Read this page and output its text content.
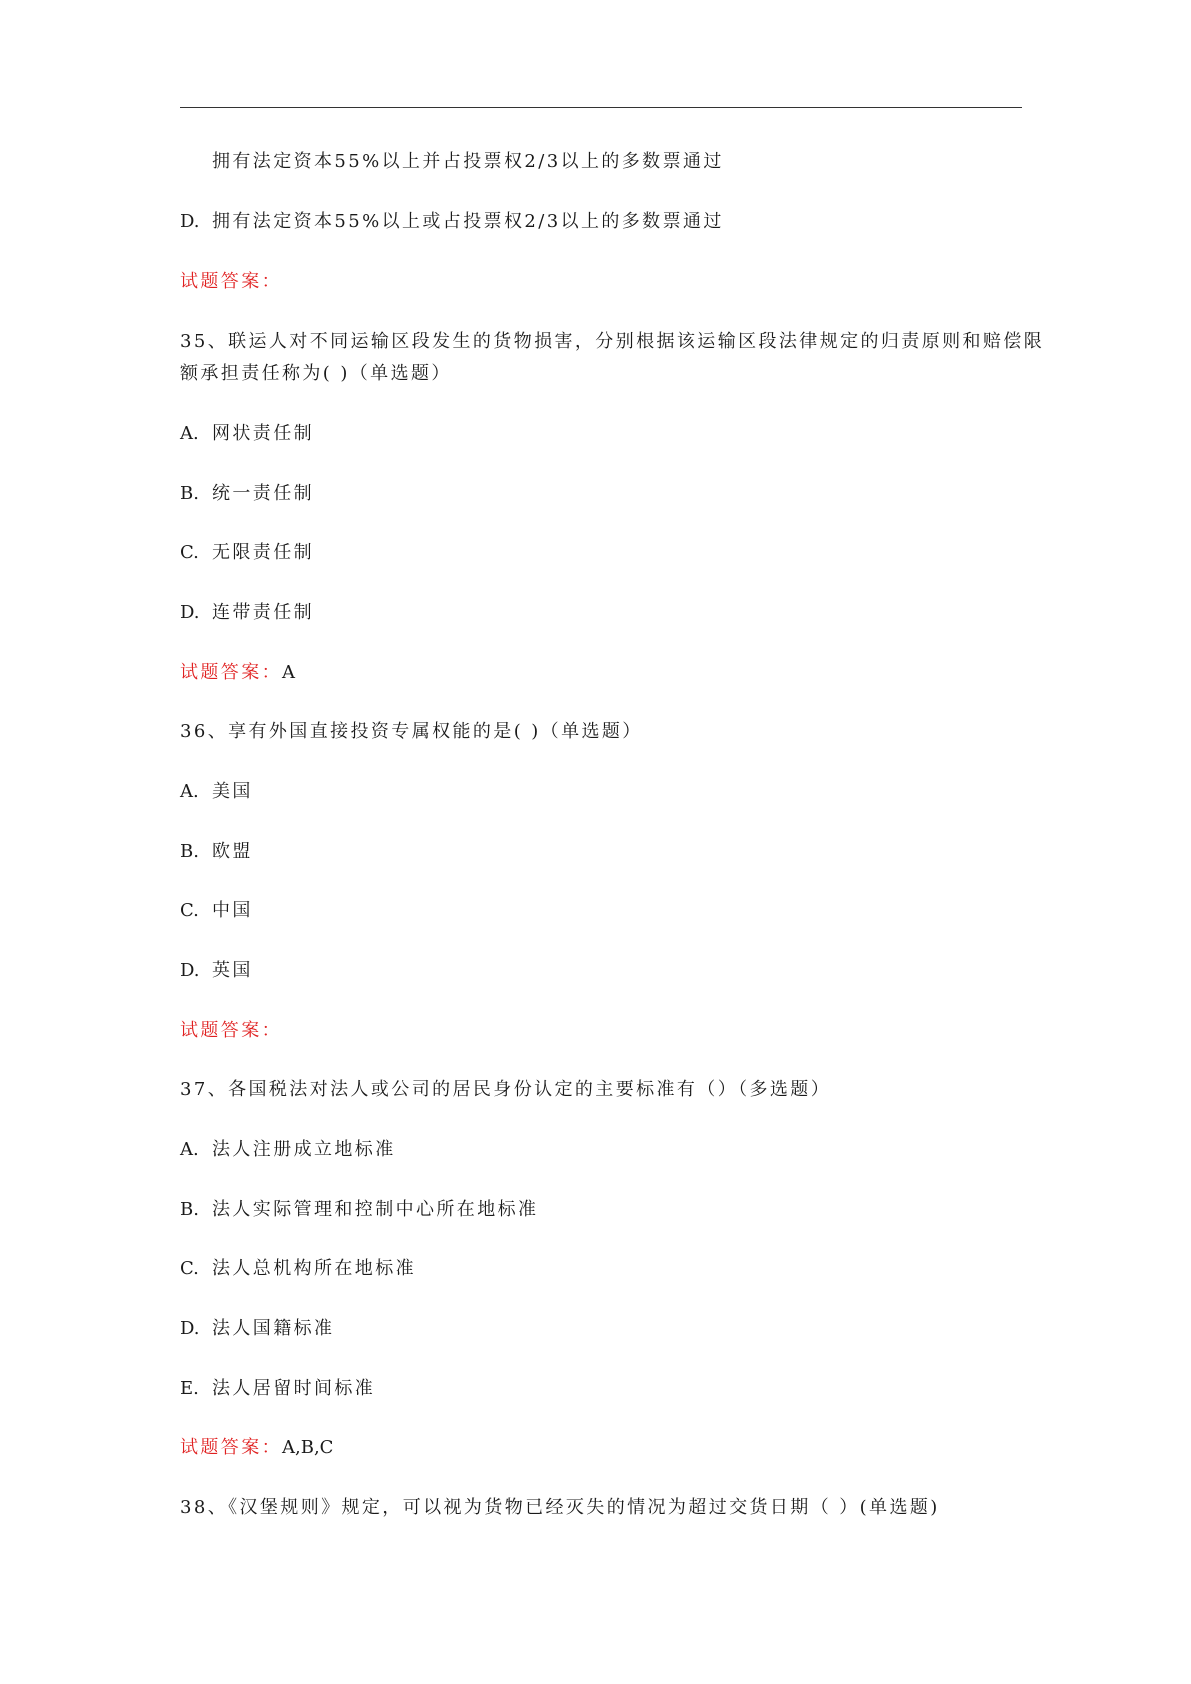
拥有法定资本55%以上并占投票权2/3以上的多数票通过
D. 拥有法定资本55%以上或占投票权2/3以上的多数票通过
试题答案：
35、联运人对不同运输区段发生的货物损害，分别根据该运输区段法律规定的归责原则和赔偿限
额承担责任称为( )（单选题）
A. 网状责任制
B. 统一责任制
C. 无限责任制
D. 连带责任制
试题答案：A
36、享有外国直接投资专属权能的是( )（单选题）
A. 美国
B. 欧盟
C. 中国
D. 英国
试题答案：
37、各国税法对法人或公司的居民身份认定的主要标准有（）（多选题）
A. 法人注册成立地标准
B. 法人实际管理和控制中心所在地标准
C. 法人总机构所在地标准
D. 法人国籍标准
E. 法人居留时间标准
试题答案：A,B,C
38、《汉堡规则》规定，可以视为货物已经灭失的情况为超过交货日期（ ）(单选题)
